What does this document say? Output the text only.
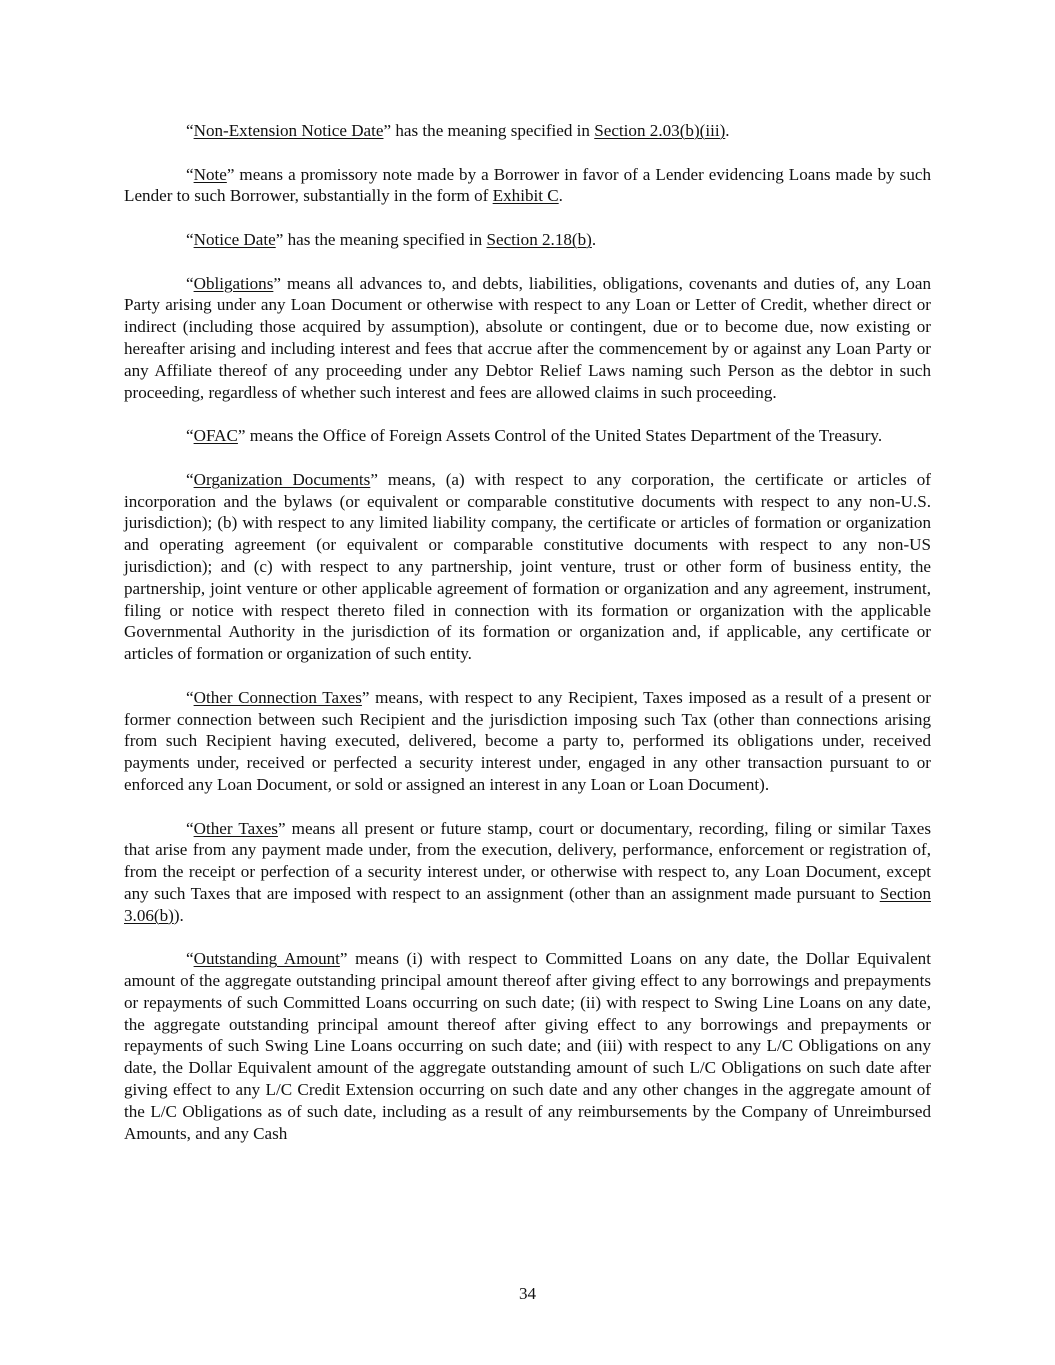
“Non-Extension Notice Date” has the meaning specified in Section 2.03(b)(iii).

“Note” means a promissory note made by a Borrower in favor of a Lender evidencing Loans made by such Lender to such Borrower, substantially in the form of Exhibit C.

“Notice Date” has the meaning specified in Section 2.18(b).

“Obligations” means all advances to, and debts, liabilities, obligations, covenants and duties of, any Loan Party arising under any Loan Document or otherwise with respect to any Loan or Letter of Credit, whether direct or indirect (including those acquired by assumption), absolute or contingent, due or to become due, now existing or hereafter arising and including interest and fees that accrue after the commencement by or against any Loan Party or any Affiliate thereof of any proceeding under any Debtor Relief Laws naming such Person as the debtor in such proceeding, regardless of whether such interest and fees are allowed claims in such proceeding.

“OFAC” means the Office of Foreign Assets Control of the United States Department of the Treasury.

“Organization Documents” means, (a) with respect to any corporation, the certificate or articles of incorporation and the bylaws (or equivalent or comparable constitutive documents with respect to any non-U.S. jurisdiction); (b) with respect to any limited liability company, the certificate or articles of formation or organization and operating agreement (or equivalent or comparable constitutive documents with respect to any non-US jurisdiction); and (c) with respect to any partnership, joint venture, trust or other form of business entity, the partnership, joint venture or other applicable agreement of formation or organization and any agreement, instrument, filing or notice with respect thereto filed in connection with its formation or organization with the applicable Governmental Authority in the jurisdiction of its formation or organization and, if applicable, any certificate or articles of formation or organization of such entity.

“Other Connection Taxes” means, with respect to any Recipient, Taxes imposed as a result of a present or former connection between such Recipient and the jurisdiction imposing such Tax (other than connections arising from such Recipient having executed, delivered, become a party to, performed its obligations under, received payments under, received or perfected a security interest under, engaged in any other transaction pursuant to or enforced any Loan Document, or sold or assigned an interest in any Loan or Loan Document).

“Other Taxes” means all present or future stamp, court or documentary, recording, filing or similar Taxes that arise from any payment made under, from the execution, delivery, performance, enforcement or registration of, from the receipt or perfection of a security interest under, or otherwise with respect to, any Loan Document, except any such Taxes that are imposed with respect to an assignment (other than an assignment made pursuant to Section 3.06(b)).

“Outstanding Amount” means (i) with respect to Committed Loans on any date, the Dollar Equivalent amount of the aggregate outstanding principal amount thereof after giving effect to any borrowings and prepayments or repayments of such Committed Loans occurring on such date; (ii) with respect to Swing Line Loans on any date, the aggregate outstanding principal amount thereof after giving effect to any borrowings and prepayments or repayments of such Swing Line Loans occurring on such date; and (iii) with respect to any L/C Obligations on any date, the Dollar Equivalent amount of the aggregate outstanding amount of such L/C Obligations on such date after giving effect to any L/C Credit Extension occurring on such date and any other changes in the aggregate amount of the L/C Obligations as of such date, including as a result of any reimbursements by the Company of Unreimbursed Amounts, and any Cash

34
